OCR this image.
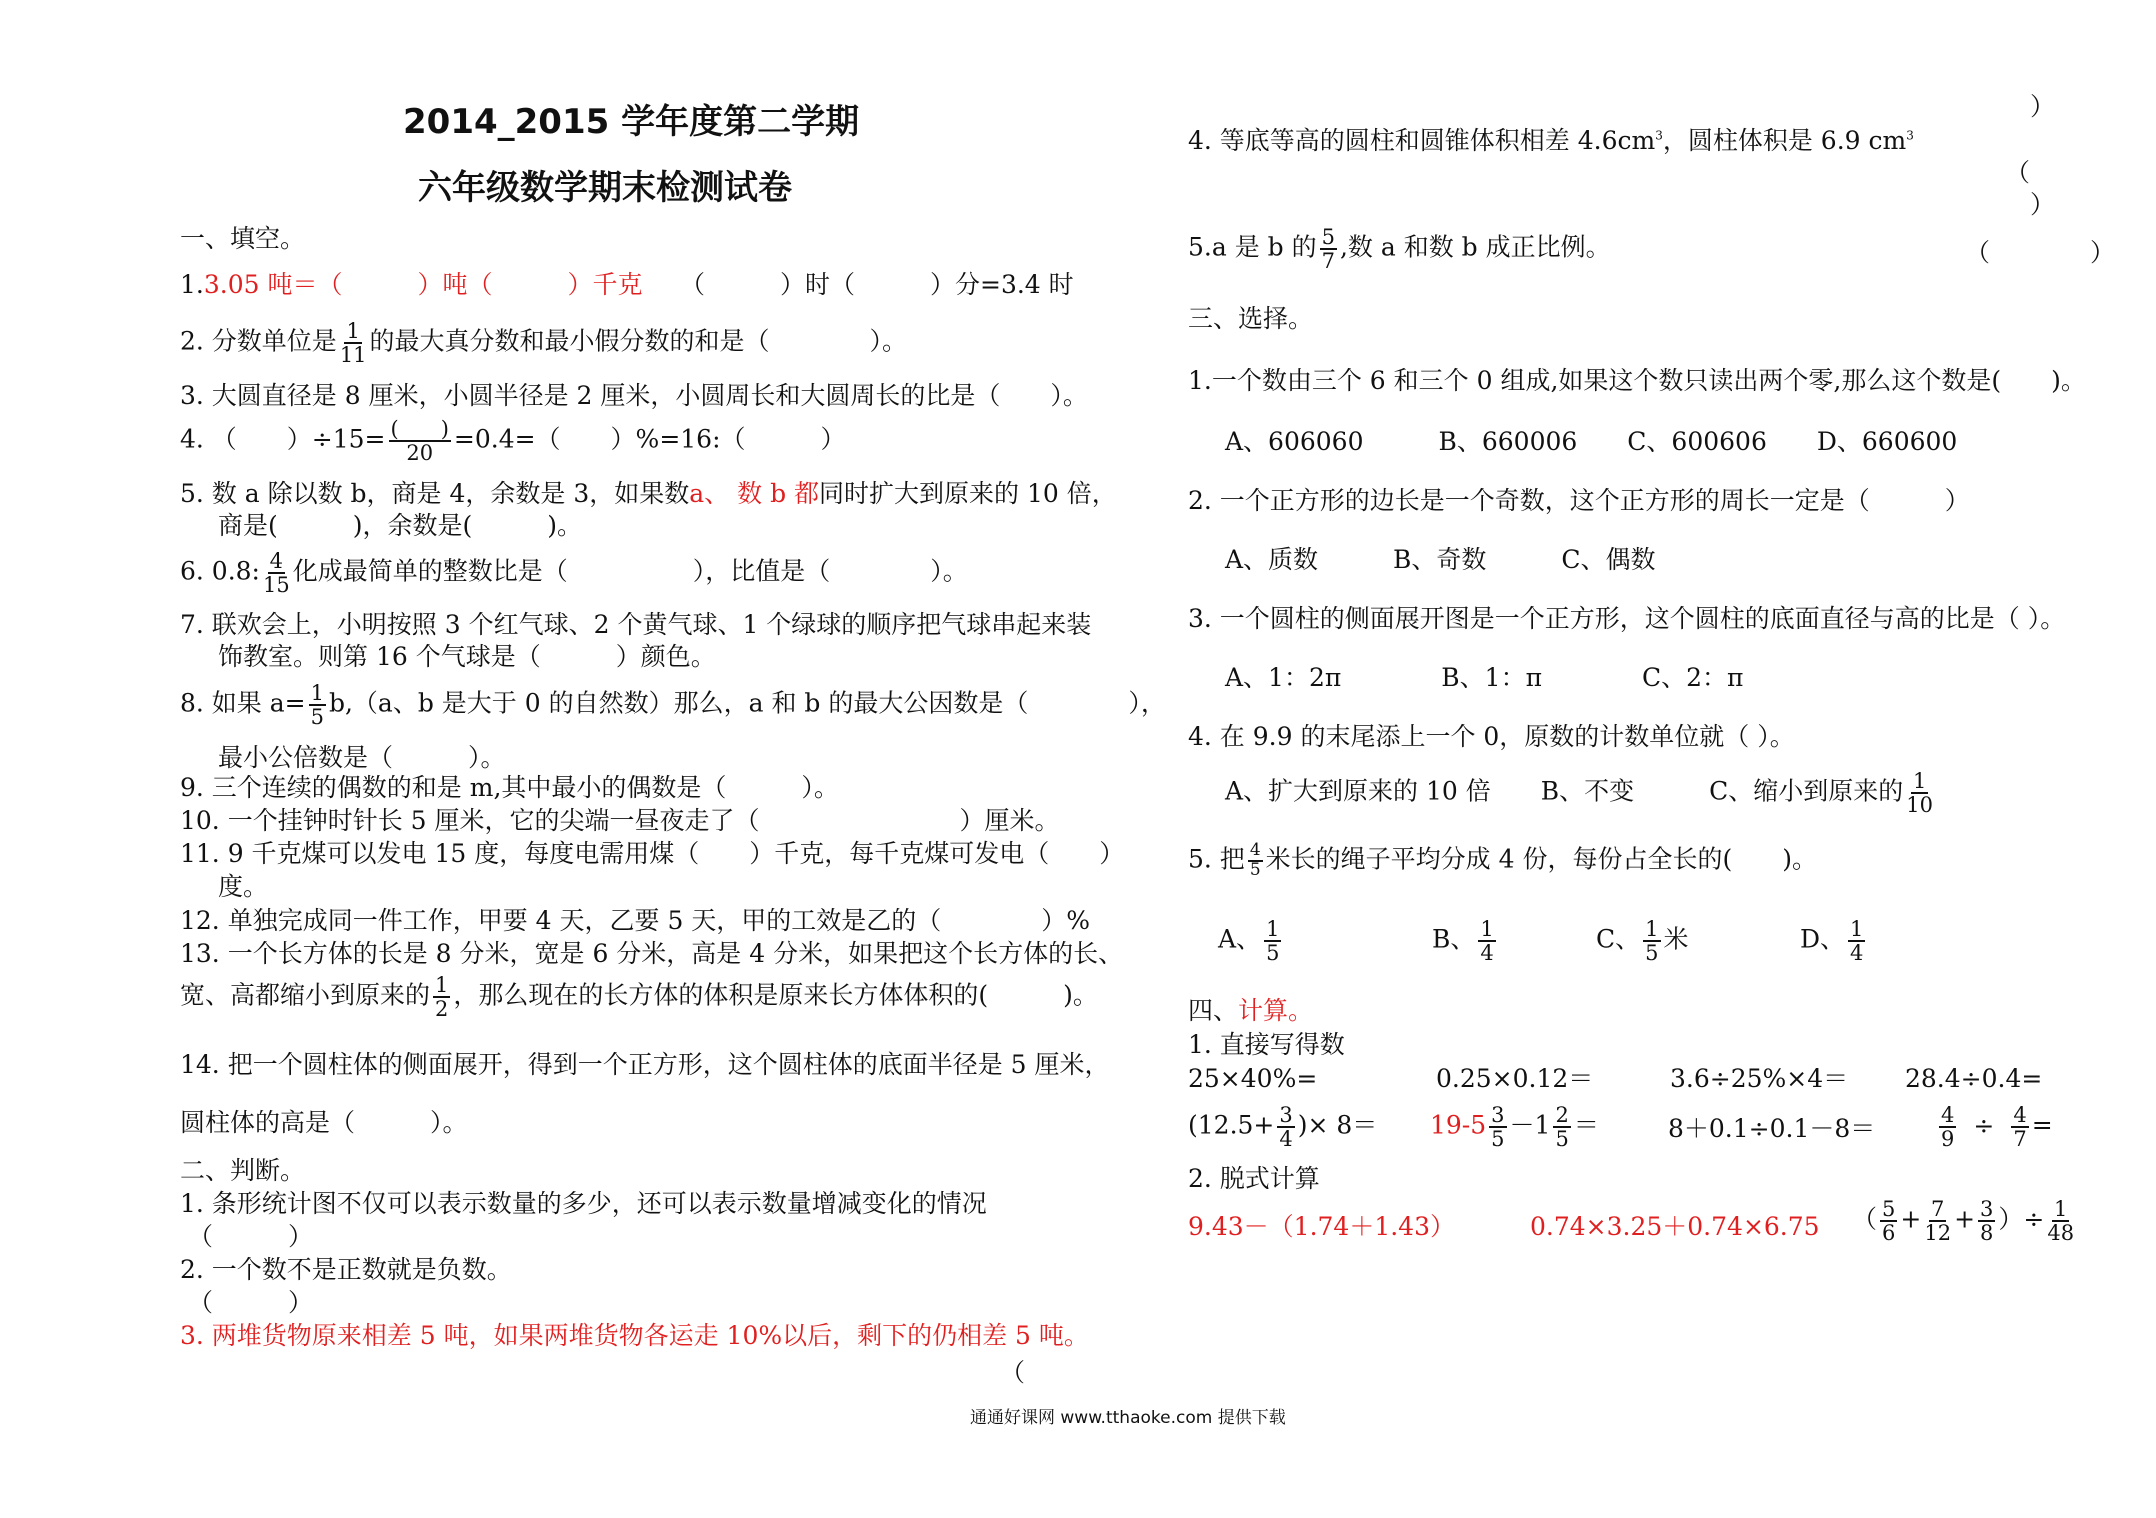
2014_2015 学年度第二学期
六年级数学期末检测试卷
一、填空。
1.3.05 吨＝（　　　）吨（　　　）千克 （　　　）时（　　　）分=3.4 时
2. 分数单位是 $\frac{1}{11}$ 的最大真分数和最小假分数的和是（　　　　）。
3. 大圆直径是 8 厘米，小圆半径是 2 厘米，小圆周长和大圆周长的比是（　　）。
4. （　　）$\div 15= \frac{( )}{20} =0.4=$（　　）%=16:（　　　）
5. 数 a 除以数 b，商是 4，余数是 3，如果数a、 数 b 都同时扩大到原来的 10 倍，
商是(　　　)，余数是(　　　)。
6. 0.8: $\frac{4}{15}$ 化成最简单的整数比是（　　　　　），比值是（　　　　）。
7. 联欢会上，小明按照 3 个红气球、2 个黄气球、1 个绿球的顺序把气球串起来装
饰教室。则第 16 个气球是（　　　）颜色。
8. 如果 $a= \frac{1}{5} b,(a$、b 是大于 0 的自然数）那么，a 和 b 的最大公因数是（　　　　），
最小公倍数是（　　　）。
9. 三个连续的偶数的和是 m,其中最小的偶数是（　　　）。
10. 一个挂钟时针长 5 厘米，它的尖端一昼夜走了（　　　　　　　　）厘米。
11. 9 千克煤可以发电 15 度，每度电需用煤（　　）千克，每千克煤可发电（　　）
度。
12. 单独完成同一件工作，甲要 4 天，乙要 5 天，甲的工效是乙的（　　　　）%
13. 一个长方体的长是 8 分米，宽是 6 分米，高是 4 分米，如果把这个长方体的长、
宽、高都缩小到原来的 $\frac{1}{2}$ ，那么现在的长方体的体积是原来长方体体积的(　　　)。
14. 把一个圆柱体的侧面展开，得到一个正方形，这个圆柱体的底面半径是 5 厘米，
圆柱体的高是（　　　）。
二、判断。
1. 条形统计图不仅可以表示数量的多少，还可以表示数量增减变化的情况
（　　　）
2. 一个数不是正数就是负数。
（　　　）
3. 两堆货物原来相差 5 吨，如果两堆货物各运走 10%以后，剩下的仍相差 5 吨。
（
）
4. 等底等高的圆柱和圆锥体积相差 $4.6cm^3$，圆柱体积是 6.9 $cm^3$
（
）
5.a 是 b 的 $\frac{5}{7}$ ,数 a 和数 b 成正比例。	（　　　　）
三、选择。
1.一个数由三个 6 和三个 0 组成,如果这个数只读出两个零,那么这个数是(　　)。
A、606060　　　B、660006　　C、600606　　D、660600
2. 一个正方形的边长是一个奇数，这个正方形的周长一定是（　　　）
A、质数　　　B、奇数　　　C、偶数
3. 一个圆柱的侧面展开图是一个正方形，这个圆柱的底面直径与高的比是（ ）。
A、1：2π　　　　B、1：π　　　　C、2：π
4. 在 9.9 的末尾添上一个 0，原数的计数单位就（ ）。
A、扩大到原来的 10 倍　　B、不变　　　C、缩小到原来的 $\frac{1}{10}$
5. 把 $\frac{4}{5}$ 米长的绳子平均分成 4 份，每份占全长的(　　)。
A、 $\frac{1}{5}$	B、 $\frac{1}{4}$	C、 $\frac{1}{5}$ 米	D、 $\frac{1}{4}$
四、计算。
1. 直接写得数
25×40%=	0.25×0.12＝	3.6÷25%×4＝ 28.4÷0.4=
($12.5+ \frac{3}{4}$ )× $8= 19-5 \frac{3}{5} -1 \frac{2}{5}$ ＝	8＋0.1÷0.1－8＝	$\frac{4}{9} \div \frac{4}{7}$ =
2. 脱式计算
9.43－（1.74＋1.43）	0.74×3.25＋0.74×6.75 （ $\frac{5}{6} + \frac{7}{12} + \frac{3}{8}$ ）÷ $\frac{1}{48}$
通通好课网 www.tthaoke.com 提供下载
